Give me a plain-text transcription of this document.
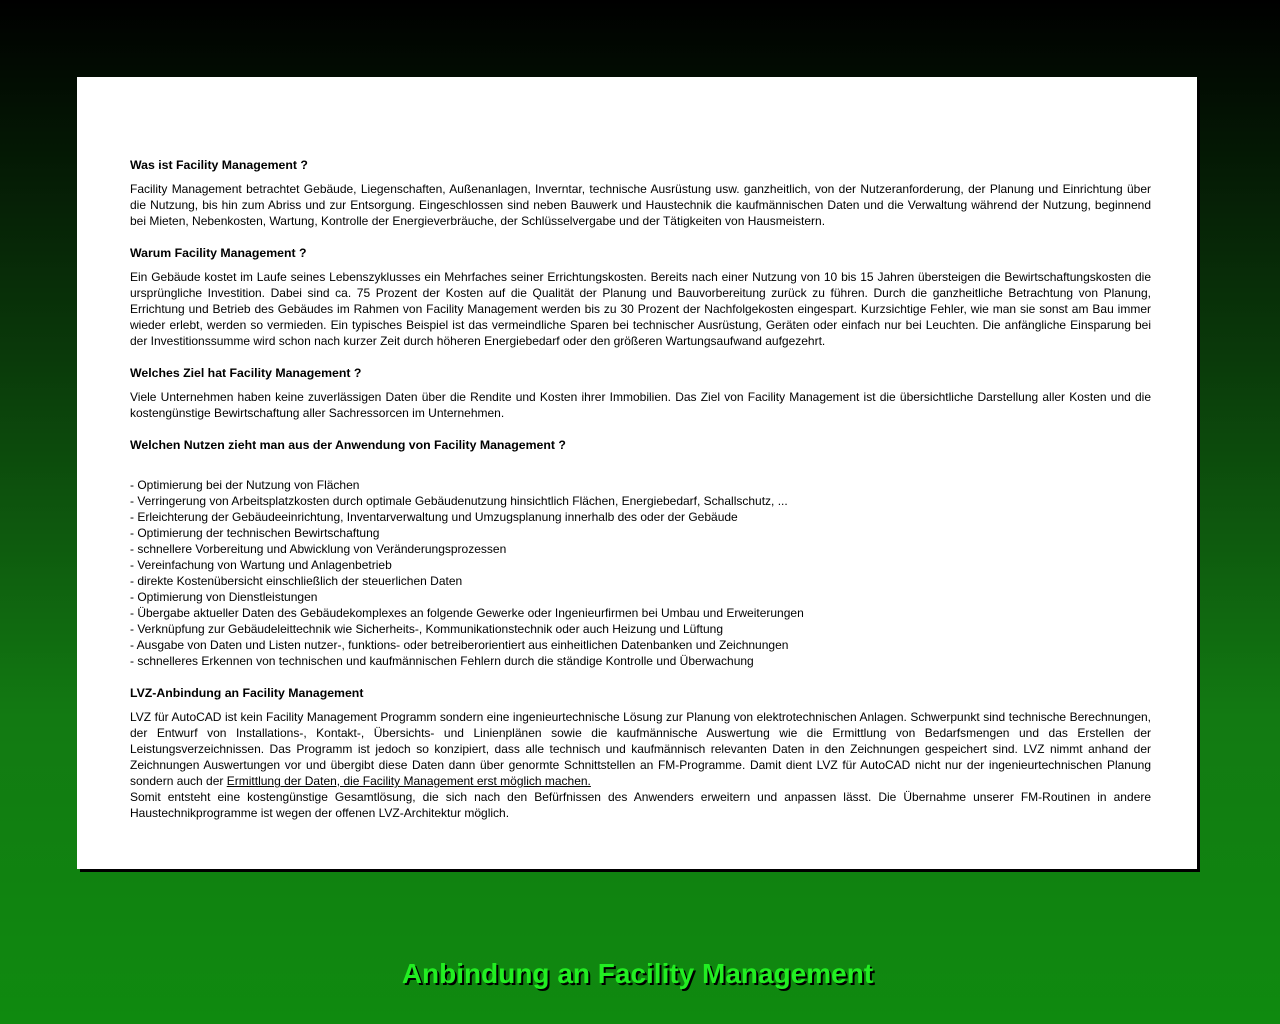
Was ist Facility Management ?
Facility Management betrachtet Gebäude, Liegenschaften, Außenanlagen, Inverntar, technische Ausrüstung usw. ganzheitlich, von der Nutzeranforderung, der Planung und Einrichtung über die Nutzung, bis hin zum Abriss und zur Entsorgung. Eingeschlossen sind neben Bauwerk und Haustechnik die kaufmännischen Daten und die Verwaltung während der Nutzung, beginnend bei Mieten, Nebenkosten, Wartung, Kontrolle der Energieverbräuche, der Schlüsselvergabe und der Tätigkeiten von Hausmeistern.
Warum Facility Management ?
Ein Gebäude kostet im Laufe seines Lebenszyklusses ein Mehrfaches seiner Errichtungskosten. Bereits nach einer Nutzung von 10 bis 15 Jahren übersteigen die Bewirtschaftungskosten die ursprüngliche Investition. Dabei sind ca. 75 Prozent der Kosten auf die Qualität der Planung und Bauvorbereitung zurück zu führen. Durch die ganzheitliche Betrachtung von Planung, Errichtung und Betrieb des Gebäudes im Rahmen von Facility Management werden bis zu 30 Prozent der Nachfolgekosten eingespart. Kurzsichtige Fehler, wie man sie sonst am Bau immer wieder erlebt, werden so vermieden. Ein typisches Beispiel ist das vermeindliche Sparen bei technischer Ausrüstung, Geräten oder einfach nur bei Leuchten. Die anfängliche Einsparung bei der Investitionssumme wird schon nach kurzer Zeit durch höheren Energiebedarf oder den größeren Wartungsaufwand aufgezehrt.
Welches Ziel hat Facility Management ?
Viele Unternehmen haben keine zuverlässigen Daten über die Rendite und Kosten ihrer Immobilien. Das Ziel von Facility Management ist die übersichtliche Darstellung aller Kosten und die kostengünstige Bewirtschaftung aller Sachressorcen im Unternehmen.
Welchen Nutzen zieht man aus der Anwendung von Facility Management ?
- Optimierung bei der Nutzung von Flächen
- Verringerung von Arbeitsplatzkosten durch optimale Gebäudenutzung hinsichtlich Flächen, Energiebedarf, Schallschutz, ...
- Erleichterung der Gebäudeeinrichtung, Inventarverwaltung und Umzugsplanung innerhalb des oder der Gebäude
- Optimierung der technischen Bewirtschaftung
- schnellere Vorbereitung und Abwicklung von Veränderungsprozessen
- Vereinfachung von Wartung und Anlagenbetrieb
- direkte Kostenübersicht einschließlich der steuerlichen Daten
- Optimierung von Dienstleistungen
- Übergabe aktueller Daten des Gebäudekomplexes an folgende Gewerke oder Ingenieurfirmen bei Umbau und Erweiterungen
- Verknüpfung zur Gebäudeleittechnik wie Sicherheits-, Kommunikationstechnik oder auch Heizung und Lüftung
- Ausgabe von Daten und Listen nutzer-, funktions- oder betreiberorientiert aus einheitlichen Datenbanken und Zeichnungen
- schnelleres Erkennen von technischen und kaufmännischen Fehlern durch die ständige Kontrolle und Überwachung
LVZ-Anbindung an Facility Management
LVZ für AutoCAD ist kein Facility Management Programm sondern eine ingenieurtechnische Lösung zur Planung von elektrotechnischen Anlagen. Schwerpunkt sind technische Berechnungen, der Entwurf von Installations-, Kontakt-, Übersichts- und Linienplänen sowie die kaufmännische Auswertung wie die Ermittlung von Bedarfsmengen und das Erstellen der Leistungsverzeichnissen. Das Programm ist jedoch so konzipiert, dass alle technisch und kaufmännisch relevanten Daten in den Zeichnungen gespeichert sind. LVZ nimmt anhand der Zeichnungen Auswertungen vor und übergibt diese Daten dann über genormte Schnittstellen an FM-Programme. Damit dient LVZ für AutoCAD nicht nur der ingenieurtechnischen Planung sondern auch der Ermittlung der Daten, die Facility Management erst möglich machen.
Somit entsteht eine kostengünstige Gesamtlösung, die sich nach den Befürfnissen des Anwenders erweitern und anpassen lässt. Die Übernahme unserer FM-Routinen in andere Haustechnikprogramme ist wegen der offenen LVZ-Architektur möglich.
Anbindung an Facility Management
